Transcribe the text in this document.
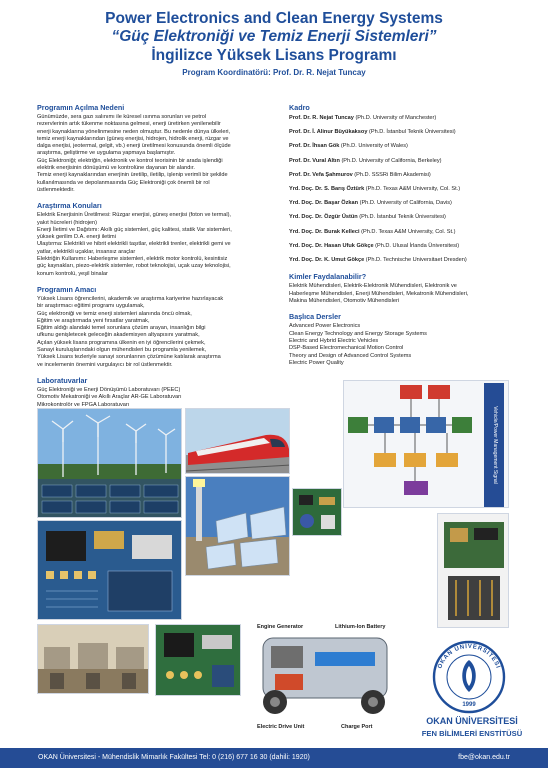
Power Electronics and Clean Energy Systems
“Güç Elektroniği ve Temiz Enerji Sistemleri”
İngilizce Yüksek Lisans Programı
Program Koordinatörü: Prof. Dr. R. Nejat Tuncay
Programın Açılma Nedeni
Günümüzde, sera gazı salınımı ile küresel ısınma sorunları ve petrol
rezervlerinin artık tükenme noktasına gelmesi, enerji üretirken yenilenebilir
enerji kaynaklarına yönelinmesine neden olmuştur. Bu nedenle dünya ülkeleri,
temiz enerji kaynaklarından (güneş enerjisi, hidrojen, hidrolik enerji, rüzgar ve
dalga enerjisi, jeotermal, gelgit, vb.) enerji üretilmesi konusunda önemli ölçüde
araştırma, geliştirme ve uygulama yapmaya başlamıştır.
Güç Elektroniği; elektriğin, elektronik ve kontrol teorisinin bir arada işlendiği
elektrik enerjisinin dönüşümü ve kontrolüne dayanan bir alandır.
Temiz enerji kaynaklarından enerjinin üretilip, iletilip, işlenip verimli bir şekilde
kullanılmasında ve depolanmasında Güç Elektroniği çok önemli bir rol
üstlenmektedir.
Araştırma Konuları
Elektrik Enerjisinin Üretilmesi: Rüzgar enerjisi, güneş enerjisi (foton ve termal),
yakıt hücreleri (hidrojen)
Enerji İletimi ve Dağıtımı: Akıllı güç sistemleri, güç kalitesi, statik Var sistemleri,
yüksek gerilim D.A. enerji iletimi
Ulaştırma: Elektrikli ve hibrit elektrikli taşıtlar, elektrikli trenler, elektrikli gemi ve
yatlar, elektrikli uçaklar, insansız araçlar
Elektriğin Kullanımı: Haberleşme sistemleri, elektrik motor kontrolü, kesintisiz
güç kaynakları, piezo-elektrik sistemler, robot teknolojisi, uçak uzay teknolojisi,
konum kontrolü, yeşil binalar
Programın Amacı
Yüksek Lisans öğrencilerini, akademik ve araştırma kariyerine hazırlayacak
bir araştırmacı eğitimi programı uygulamak,
Güç elektroniği ve temiz enerji sistemleri alanında öncü olmak,
Eğitim ve araştırmada yeni fırsatlar yaratmak,
Eğitim aldığı alandaki temel sorunlara çözüm arayan, insanlığın bilgi
ufkunu genişletecek geleceğin akademisyen altyapısını yaratmak,
Açılan yüksek lisans programına ülkenin en iyi öğrencilerini çekmek,
Sanayi kuruluşlarındaki olgun mühendisleri bu programla yenilemek,
Yüksek Lisans tezleriyle sanayi sorunlarının çözümüne katılarak araştırma
ve incelemenin önemini vurgulayıcı bir rol üstlenmektir.
Laboratuvarlar
Güç Elektroniği ve Enerji Dönüşümü Laboratuvarı (PEEC)
Otomotiv Mekatroniği ve Akıllı Araçlar AR-GE Laboratuvarı
Mikrokontrolör ve FPGA Laboratuvarı
Kadro
Prof. Dr. R. Nejat Tuncay (Ph.D. University of Manchester)
Prof. Dr. İ. Alinur Büyükaksoy (Ph.D. İstanbul Teknik Üniversitesi)
Prof. Dr. İhsan Gök (Ph.D. University of Wales)
Prof. Dr. Vural Altın (Ph.D. University of California, Berkeley)
Prof. Dr. Vefa Şahmurov (Ph.D. SSSRi Bilim Akademisi)
Yrd. Doç. Dr. S. Barış Öztürk (Ph.D. Texas A&M University, Col. St.)
Yrd. Doç. Dr. Başar Özkan (Ph.D. University of California, Davis)
Yrd. Doç. Dr. Özgür Üstün (Ph.D. İstanbul Teknik Üniversitesi)
Yrd. Doç. Dr. Burak Kelleci (Ph.D. Texas A&M University, Col. St.)
Yrd. Doç. Dr. Hasan Ufuk Gökçe (Ph.D. Ulusal İrlanda Üniversitesi)
Yrd. Doç. Dr. K. Umut Gökçe (Ph.D. Technische Universitaet Dresden)
Kimler Faydalanabilir?
Elektrik Mühendisleri, Elektrik-Elektronik Mühendisleri, Elektronik ve
Haberleşme Mühendisleri, Enerji Mühendisleri, Mekatronik Mühendisleri,
Makina Mühendisleri, Otomotiv Mühendisleri
Başlıca Dersler
Advanced Power Electronics
Clean Energy Technology and Energy Storage Systems
Electric and Hybrid Electric Vehicles
DSP-Based Electromechanical Motion Control
Theory and Design of Advanced Control Systems
Electric Power Quality
Vehicle/Power Management Signal
Engine Generator	Lithium-Ion Battery
Electric Drive Unit	Charge Port
OKAN ÜNİVERSİTESİ
1999
OKAN ÜNİVERSİTESİ
FEN BİLİMLERİ ENSTİTÜSÜ
OKAN Üniversitesi - Mühendislik Mimarlık Fakültesi Tel: 0 (216) 677 16 30 (dahili: 1920)	fbe@okan.edu.tr
